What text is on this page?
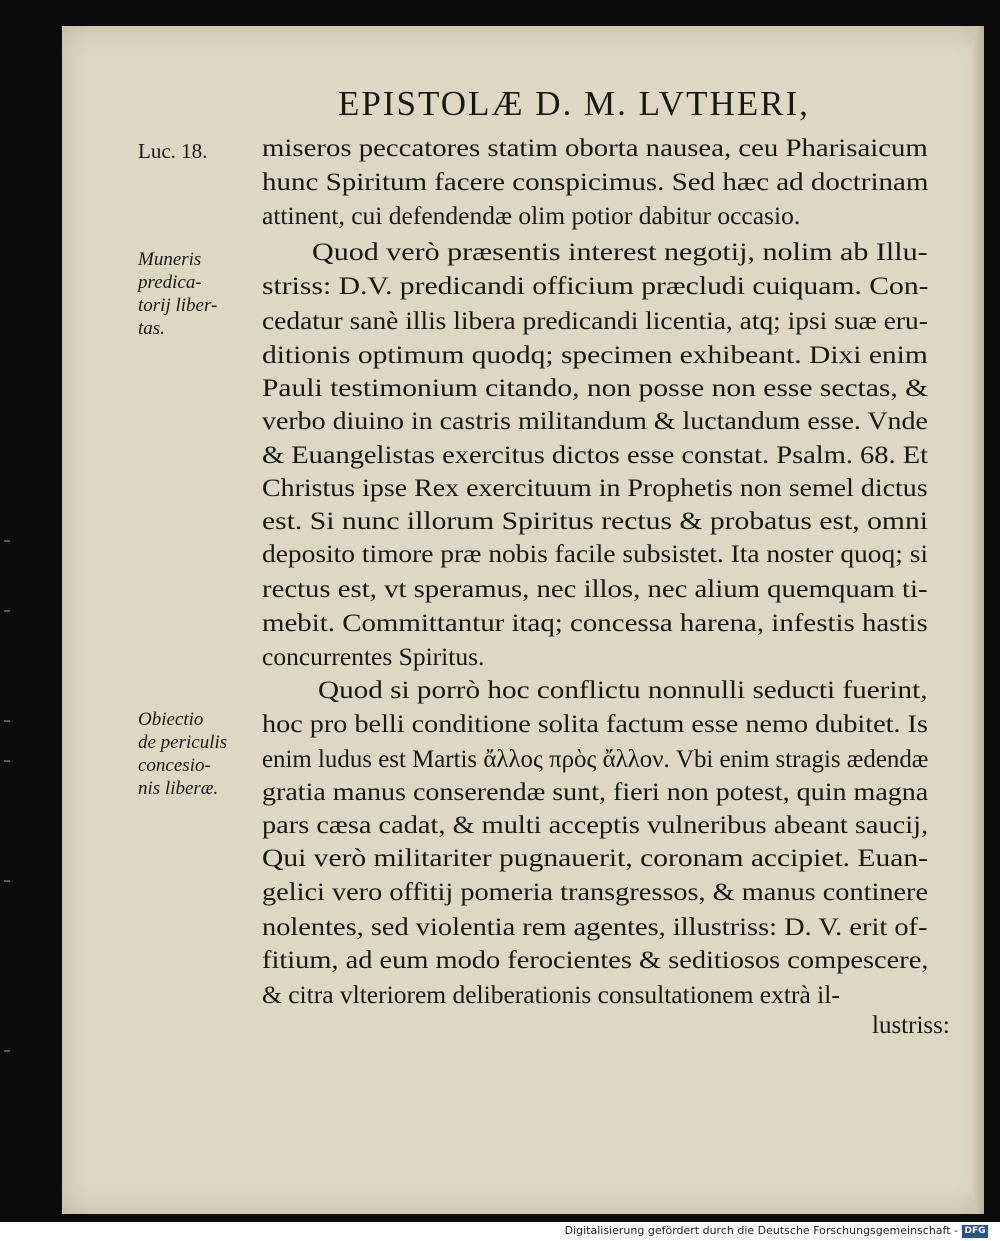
EPISTOLÆ D. M. LVTHERI,
Luc. 18.
Muneris
predica-
torij liber-
tas.
Obiectio
de periculis
concesio-
nis liberæ.
miseros peccatores statim oborta nausea, ceu Pharisaicum
hunc Spiritum facere conspicimus. Sed hæc ad doctrinam
attinent, cui defendendæ olim potior dabitur occasio.
Quod verò præsentis interest negotij, nolim ab Illu-
striss: D.V. predicandi officium præcludi cuiquam. Con-
cedatur sanè illis libera predicandi licentia, atq; ipsi suæ eru-
ditionis optimum quodq; specimen exhibeant. Dixi enim
Pauli testimonium citando, non posse non esse sectas, &
verbo diuino in castris militandum & luctandum esse. Vnde
& Euangelistas exercitus dictos esse constat. Psalm. 68. Et
Christus ipse Rex exercituum in Prophetis non semel dictus
est. Si nunc illorum Spiritus rectus & probatus est, omni
deposito timore præ nobis facile subsistet. Ita noster quoq; si
rectus est, vt speramus, nec illos, nec alium quemquam ti-
mebit. Committantur itaq; concessa harena, infestis hastis
concurrentes Spiritus.
Quod si porrò hoc conflictu nonnulli seducti fuerint,
hoc pro belli conditione solita factum esse nemo dubitet. Is
enim ludus est Martis ἄλλος πρὸς ἄλλον. Vbi enim stragis ædendæ
gratia manus conserendæ sunt, fieri non potest, quin magna
pars cæsa cadat, & multi acceptis vulneribus abeant saucij,
Qui verò militariter pugnauerit, coronam accipiet. Euan-
gelici vero offitij pomeria transgressos, & manus continere
nolentes, sed violentia rem agentes, illustriss: D. V. erit of-
fitium, ad eum modo ferocientes & seditiosos compescere,
& citra vlteriorem deliberationis consultationem extrà il-
lustriss:
Digitalisierung gefördert durch die Deutsche Forschungsgemeinschaft - DFG
